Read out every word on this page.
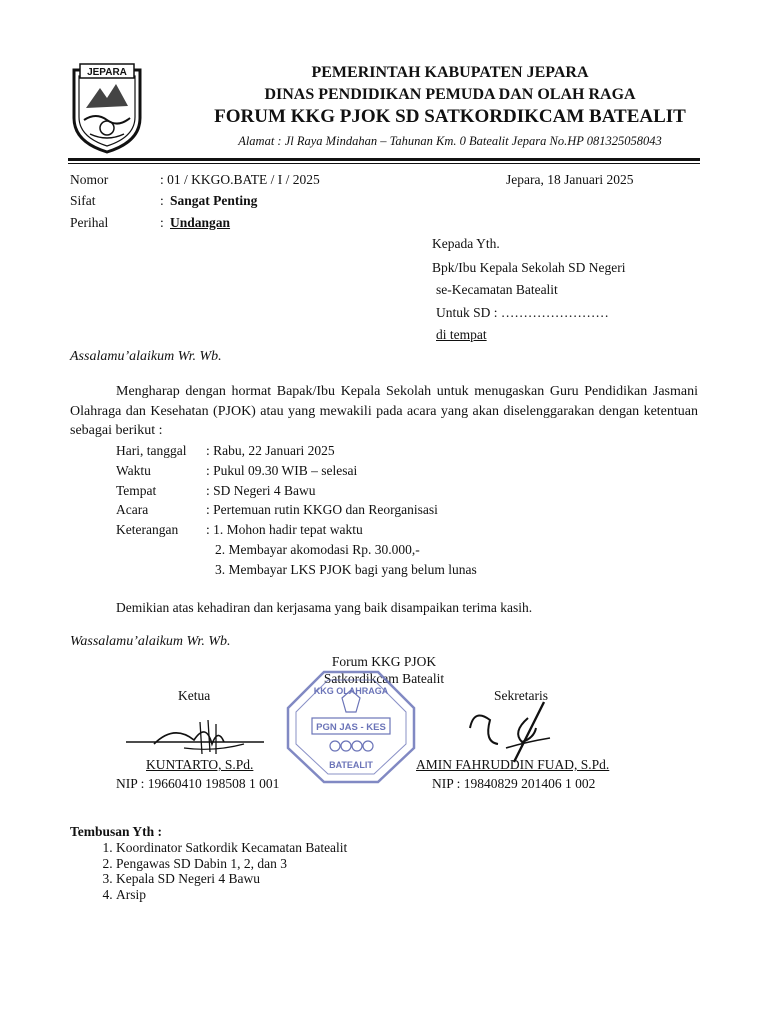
JEPARA	PEMERINTAH KABUPATEN JEPARA
DINAS PENDIDIKAN PEMUDA DAN OLAH RAGA
FORUM KKG PJOK SD SATKORDIKCAM BATEALIT
Alamat : Jl Raya Mindahan – Tahunan Km. 0 Batealit Jepara No.HP 081325058043
Nomor	: 01 / KKGO.BATE / I / 2025	Jepara, 18 Januari 2025
Sifat	: Sangat Penting
Perihal	: Undangan
Kepada Yth.
Bpk/Ibu Kepala Sekolah SD Negeri
se-Kecamatan Batealit
Untuk SD : ……………………
di tempat
Assalamu’alaikum Wr. Wb.
Mengharap dengan hormat Bapak/Ibu Kepala Sekolah untuk menugaskan Guru Pendidikan Jasmani Olahraga dan Kesehatan (PJOK) atau yang mewakili pada acara yang akan diselenggarakan dengan ketentuan sebagai berikut :
Hari, tanggal : Rabu, 22 Januari 2025
Waktu	: Pukul 09.30 WIB – selesai
Tempat	: SD Negeri 4 Bawu
Acara	: Pertemuan rutin KKGO dan Reorganisasi
Keterangan : 1. Mohon hadir tepat waktu
2. Membayar akomodasi Rp. 30.000,-
3. Membayar LKS PJOK bagi yang belum lunas
Demikian atas kehadiran dan kerjasama yang baik disampaikan terima kasih.
Wassalamu’alaikum Wr. Wb.
Forum KKG PJOK
Satkordikcam Batealit
KKG OLAHRAGA
PGN JAS - KES
BATEALIT
Ketua	Sekretaris
KUNTARTO, S.Pd.	AMIN FAHRUDDIN FUAD, S.Pd.
NIP : 19660410 198508 1 001	NIP : 19840829 201406 1 002
Tembusan Yth :
1. Koordinator Satkordik Kecamatan Batealit
2. Pengawas SD Dabin 1, 2, dan 3
3. Kepala SD Negeri 4 Bawu
4. Arsip
